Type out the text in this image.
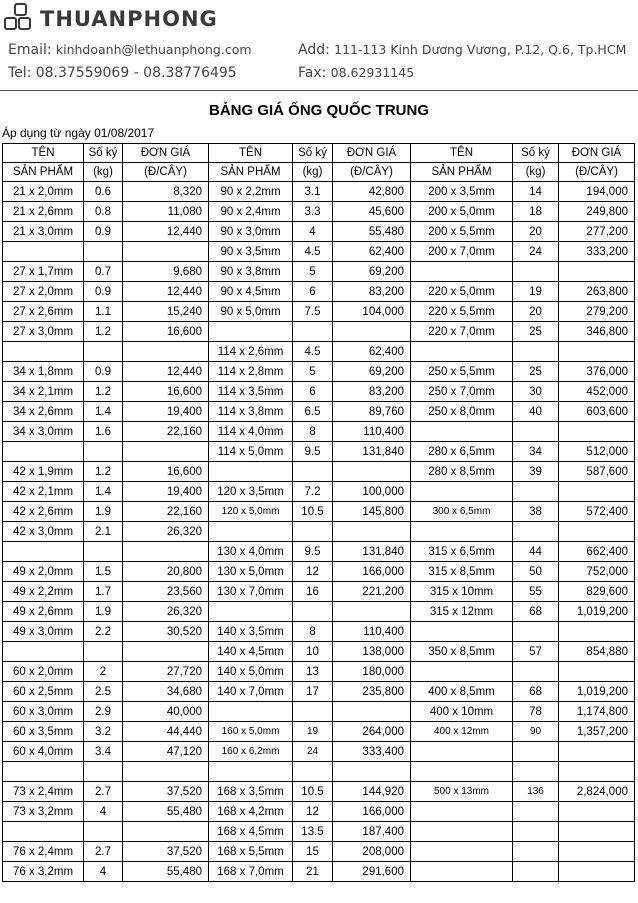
THUANPHONG
Email: kinhdoanh@lethuanphong.com	Add: 111-113 Kinh Dương Vương, P.12, Q.6, Tp.HCM
Tel: 08.37559069 - 08.38776495	Fax: 08.62931145
BẢNG GIÁ ỐNG QUỐC TRUNG
Áp dụng từ ngày 01/08/2017
TÊN	Số ký	ĐƠN GIÁ	TÊN	Số ký	ĐƠN GIÁ	TÊN	Số ký	ĐƠN GIÁ
SẢN PHẨM	(kg)	(Đ/CÂY)	SẢN PHẨM	(kg)	(Đ/CÂY)	SẢN PHẨM	(kg)	(Đ/CÂY)
21 x 2,0mm	0.6	8,320	90 x 2,2mm	3.1	42,800	200 x 3,5mm	14	194,000
21 x 2,6mm	0.8	11,080	90 x 2,4mm	3.3	45,600	200 x 5,0mm	18	249,800
21 x 3,0mm	0.9	12,440	90 x 3,0mm	4	55,480	200 x 5,5mm	20	277,200
			90 x 3,5mm	4.5	62,400	200 x 7,0mm	24	333,200
27 x 1,7mm	0.7	9,680	90 x 3,8mm	5	69,200			
27 x 2,0mm	0.9	12,440	90 x 4,5mm	6	83,200	220 x 5,0mm	19	263,800
27 x 2,6mm	1.1	15,240	90 x 5,0mm	7.5	104,000	220 x 5,5mm	20	279,200
27 x 3,0mm	1.2	16,600				220 x 7,0mm	25	346,800
			114 x 2,6mm	4.5	62,400			
34 x 1,8mm	0.9	12,440	114 x 2,8mm	5	69,200	250 x 5,5mm	25	376,000
34 x 2,1mm	1.2	16,600	114 x 3,5mm	6	83,200	250 x 7,0mm	30	452,000
34 x 2,6mm	1.4	19,400	114 x 3,8mm	6.5	89,760	250 x 8,0mm	40	603,600
34 x 3,0mm	1.6	22,160	114 x 4,0mm	8	110,400			
			114 x 5,0mm	9.5	131,840	280 x 6,5mm	34	512,000
42 x 1,9mm	1.2	16,600				280 x 8,5mm	39	587,600
42 x 2,1mm	1.4	19,400	120 x 3,5mm	7.2	100,000			
42 x 2,6mm	1.9	22,160	120 x 5,0mm	10.5	145,800	300 x 6,5mm	38	572,400
42 x 3,0mm	2.1	26,320						
			130 x 4,0mm	9.5	131,840	315 x 6,5mm	44	662,400
49 x 2,0mm	1.5	20,800	130 x 5,0mm	12	166,000	315 x 8,5mm	50	752,000
49 x 2,2mm	1.7	23,560	130 x 7,0mm	16	221,200	315 x 10mm	55	829,600
49 x 2,6mm	1.9	26,320				315 x 12mm	68	1,019,200
49 x 3,0mm	2.2	30,520	140 x 3,5mm	8	110,400			
			140 x 4,5mm	10	138,000	350 x 8,5mm	57	854,880
60 x 2,0mm	2	27,720	140 x 5,0mm	13	180,000			
60 x 2,5mm	2.5	34,680	140 x 7,0mm	17	235,800	400 x 8,5mm	68	1,019,200
60 x 3,0mm	2.9	40,000				400 x 10mm	78	1,174,800
60 x 3,5mm	3.2	44,440	160 x 5,0mm	19	264,000	400 x 12mm	90	1,357,200
60 x 4,0mm	3.4	47,120	160 x 6,2mm	24	333,400			

73 x 2,4mm	2.7	37,520	168 x 3,5mm	10.5	144,920	500 x 13mm	136	2,824,000
73 x 3,2mm	4	55,480	168 x 4,2mm	12	166,000			
			168 x 4,5mm	13.5	187,400			
76 x 2,4mm	2.7	37,520	168 x 5,5mm	15	208,000			
76 x 3,2mm	4	55,480	168 x 7,0mm	21	291,600			
